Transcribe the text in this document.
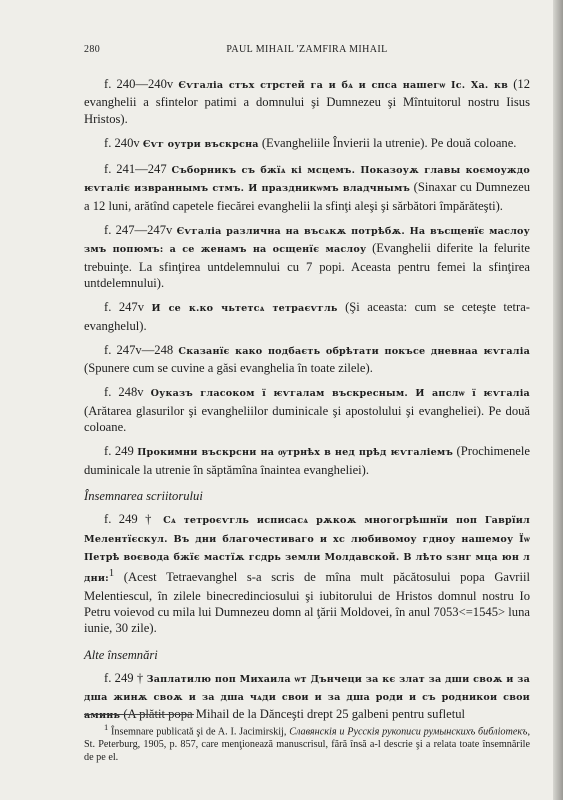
280	PAUL MIHAIL 'ZAMFIRA MIHAIL

f. 240—240v Єѵгаліа стъх стрстей га и бѧ и спса нашегѡ Іс. Ха. кв (12 evanghelii a sfintelor patimi a domnului şi Dumnezeu şi Mîntuitorul nostru Iisus Hristos).

f. 240v Єѵг оутри въскрсна (Evangheliile Învierii la utrenie). Pe două coloane.

f. 241—247 Съборникъ съ бжїѧ кі мсцемъ. Показоуѫ главы коємоуждо ѥѵгаліє извраннымъ стмъ. И праздникѡмъ владчнымъ (Sinaxar cu Dumnezeu a 12 luni, arătînd capetele fiecărei evanghelii la sfinţi aleşi şi sărbători împărăteşti).

f. 247—247v Єѵгаліа различна на въсѧкѫ потрѣбѫ. На въсщенїє маслоу змъ попюмъ: а се женамъ на осщенїє маслоу (Evanghelii diferite la felurite trebuinţe. La sfinţirea untdelemnului cu 7 popi. Aceasta pentru femei la sfinţirea untdelemnului).

f. 247v И се к.ко чьтетсѧ тетраєѵгль (Şi aceasta: cum se ceteşte tetra-evanghelul).

f. 247v—248 Сказанїє како подбаєть обрѣтати покъсе дневнаа ѥѵгаліа (Spunere cum se cuvine a găsi evanghelia în toate zilele).

f. 248v Оуказъ гласоком ї ѥѵгалам въскресным. И апслѡ ї ѥѵгаліа (Arătarea glasurilor şi evangheliilor duminicale şi apostolului şi evangheliei). Pe două coloane.

f. 249 Прокимни въскрсни на ѹтрнѣх в нед прѣд ѥѵгаліемъ (Prochimenele duminicale la utrenie în săptămîna înaintea evangheliei).

Însemnarea scriitorului

f. 249 † Сѧ тетроєѵгль исписасѧ рѫкоѫ многогрѣшнїи поп Гаврїил Мелентїєскул. Въ дни благочестиваго и хс любивомоу гдноу нашемоу Їѡ Петрѣ воєвода бжїє мастїѫ гсдрь земли Молдавской. В лѣто ѕзнг мца юн л дни:$^1$ (Acest Tetraevanghel s-a scris de mîna mult păcătosului popa Gavriil Melentiescul, în zilele binecredinciosului şi iubitorului de Hristos domnul nostru Io Petru voievod cu mila lui Dumnezeu domn al ţării Moldovei, în anul 7053<=1545> luna iunie, 30 zile).

Alte însemnări

f. 249 † Заплатилю поп Михаила ѡт Дънчеци за кє злат за дши своѫ и за дша жинѫ своѫ и за дша чѧди свои и за дша роди и съ родникои свои аминь (A plătit popa Mihail de la Dănceşti drept 25 galbeni pentru sufletul

$^1$ Însemnare publicată şi de A. I. Jacimirskij, Славянскія и Русскія рукописи румынскихъ библіотекъ, St. Peterburg, 1905, p. 857, care menţionează manuscrisul, fără însă a-l descrie şi a relata toate însemnările de pe el.
